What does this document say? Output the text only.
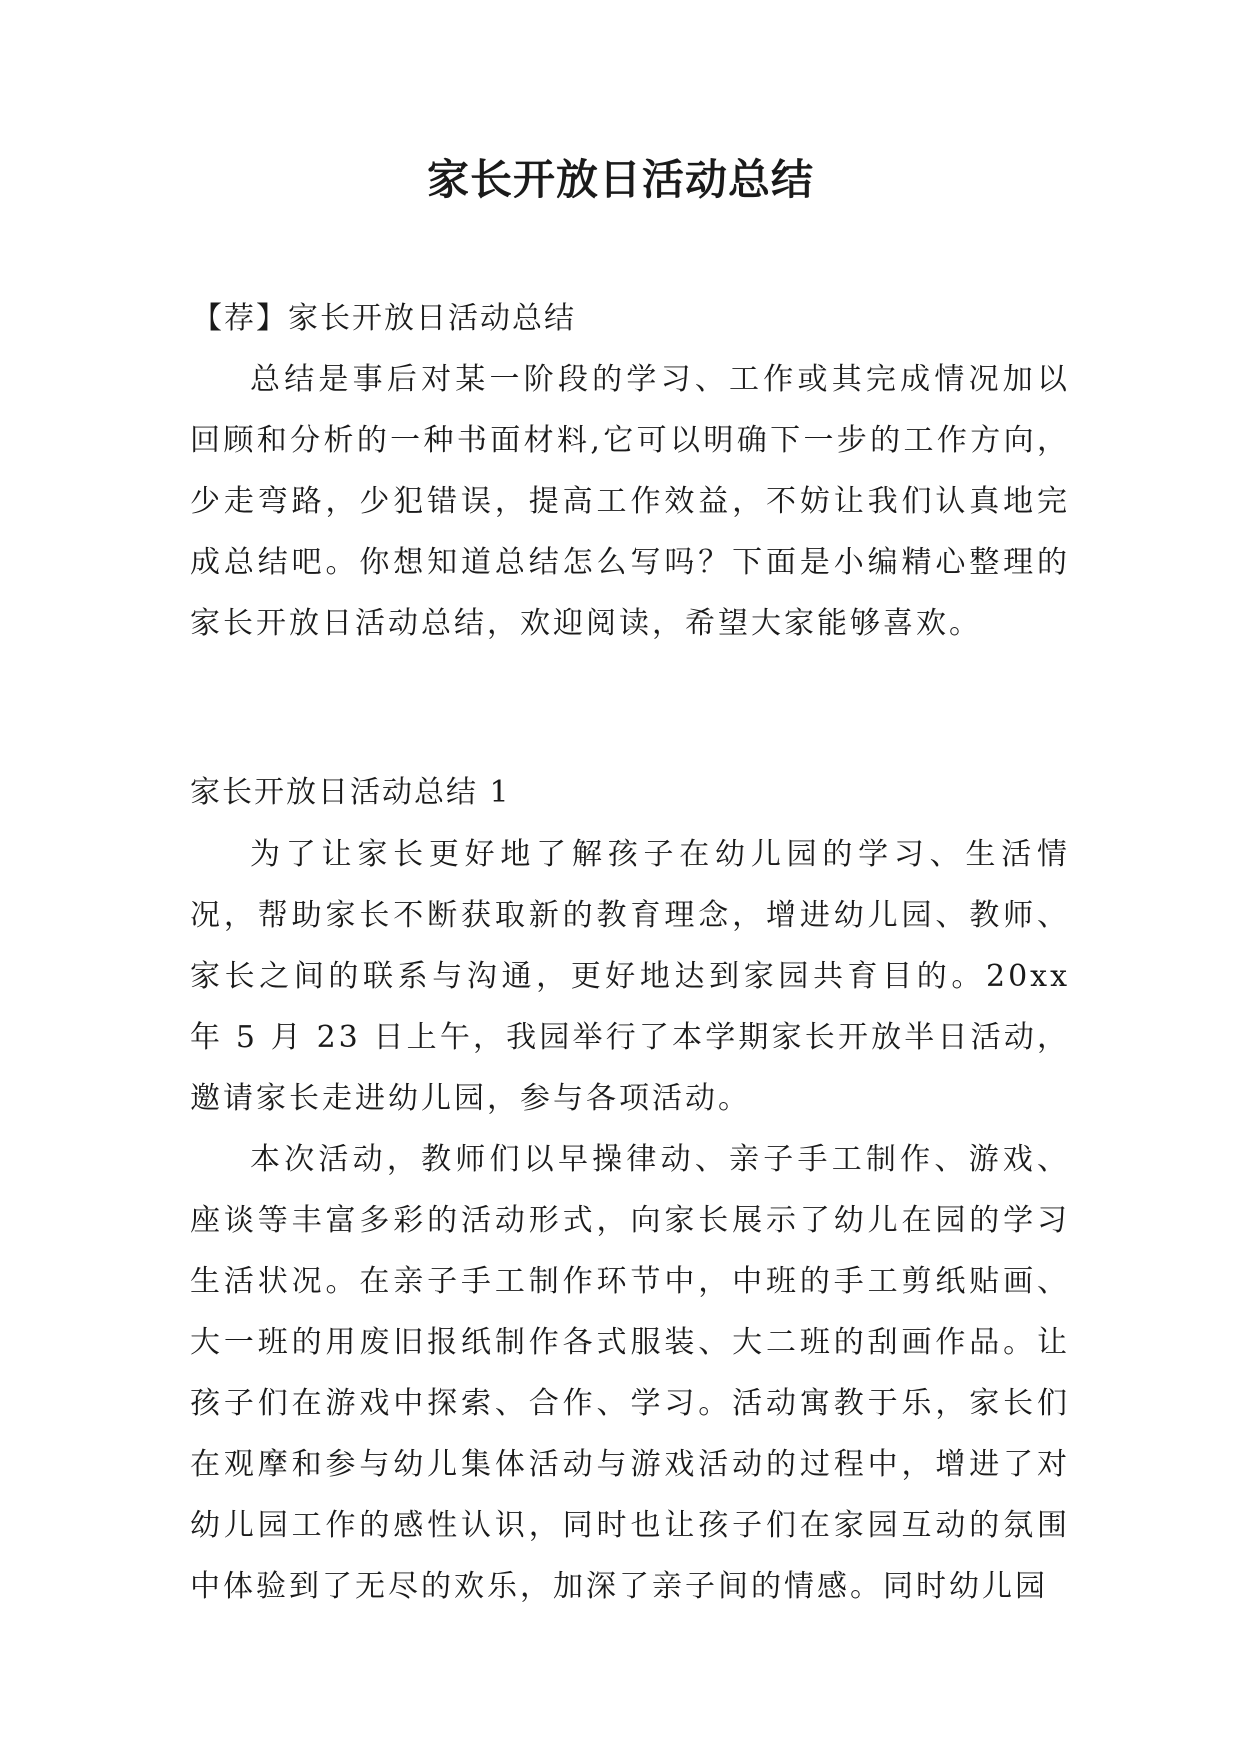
家长开放日活动总结
【荐】家长开放日活动总结

总结是事后对某一阶段的学习、工作或其完成情况加以回顾和分析的一种书面材料,它可以明确下一步的工作方向，少走弯路，少犯错误，提高工作效益，不妨让我们认真地完成总结吧。你想知道总结怎么写吗？下面是小编精心整理的家长开放日活动总结，欢迎阅读，希望大家能够喜欢。

家长开放日活动总结 1

为了让家长更好地了解孩子在幼儿园的学习、生活情况，帮助家长不断获取新的教育理念，增进幼儿园、教师、家长之间的联系与沟通，更好地达到家园共育目的。20xx 年 5 月 23 日上午，我园举行了本学期家长开放半日活动，邀请家长走进幼儿园，参与各项活动。

本次活动，教师们以早操律动、亲子手工制作、游戏、座谈等丰富多彩的活动形式，向家长展示了幼儿在园的学习生活状况。在亲子手工制作环节中，中班的手工剪纸贴画、大一班的用废旧报纸制作各式服装、大二班的刮画作品。让孩子们在游戏中探索、合作、学习。活动寓教于乐，家长们在观摩和参与幼儿集体活动与游戏活动的过程中，增进了对幼儿园工作的感性认识，同时也让孩子们在家园互动的氛围中体验到了无尽的欢乐，加深了亲子间的情感。同时幼儿园
